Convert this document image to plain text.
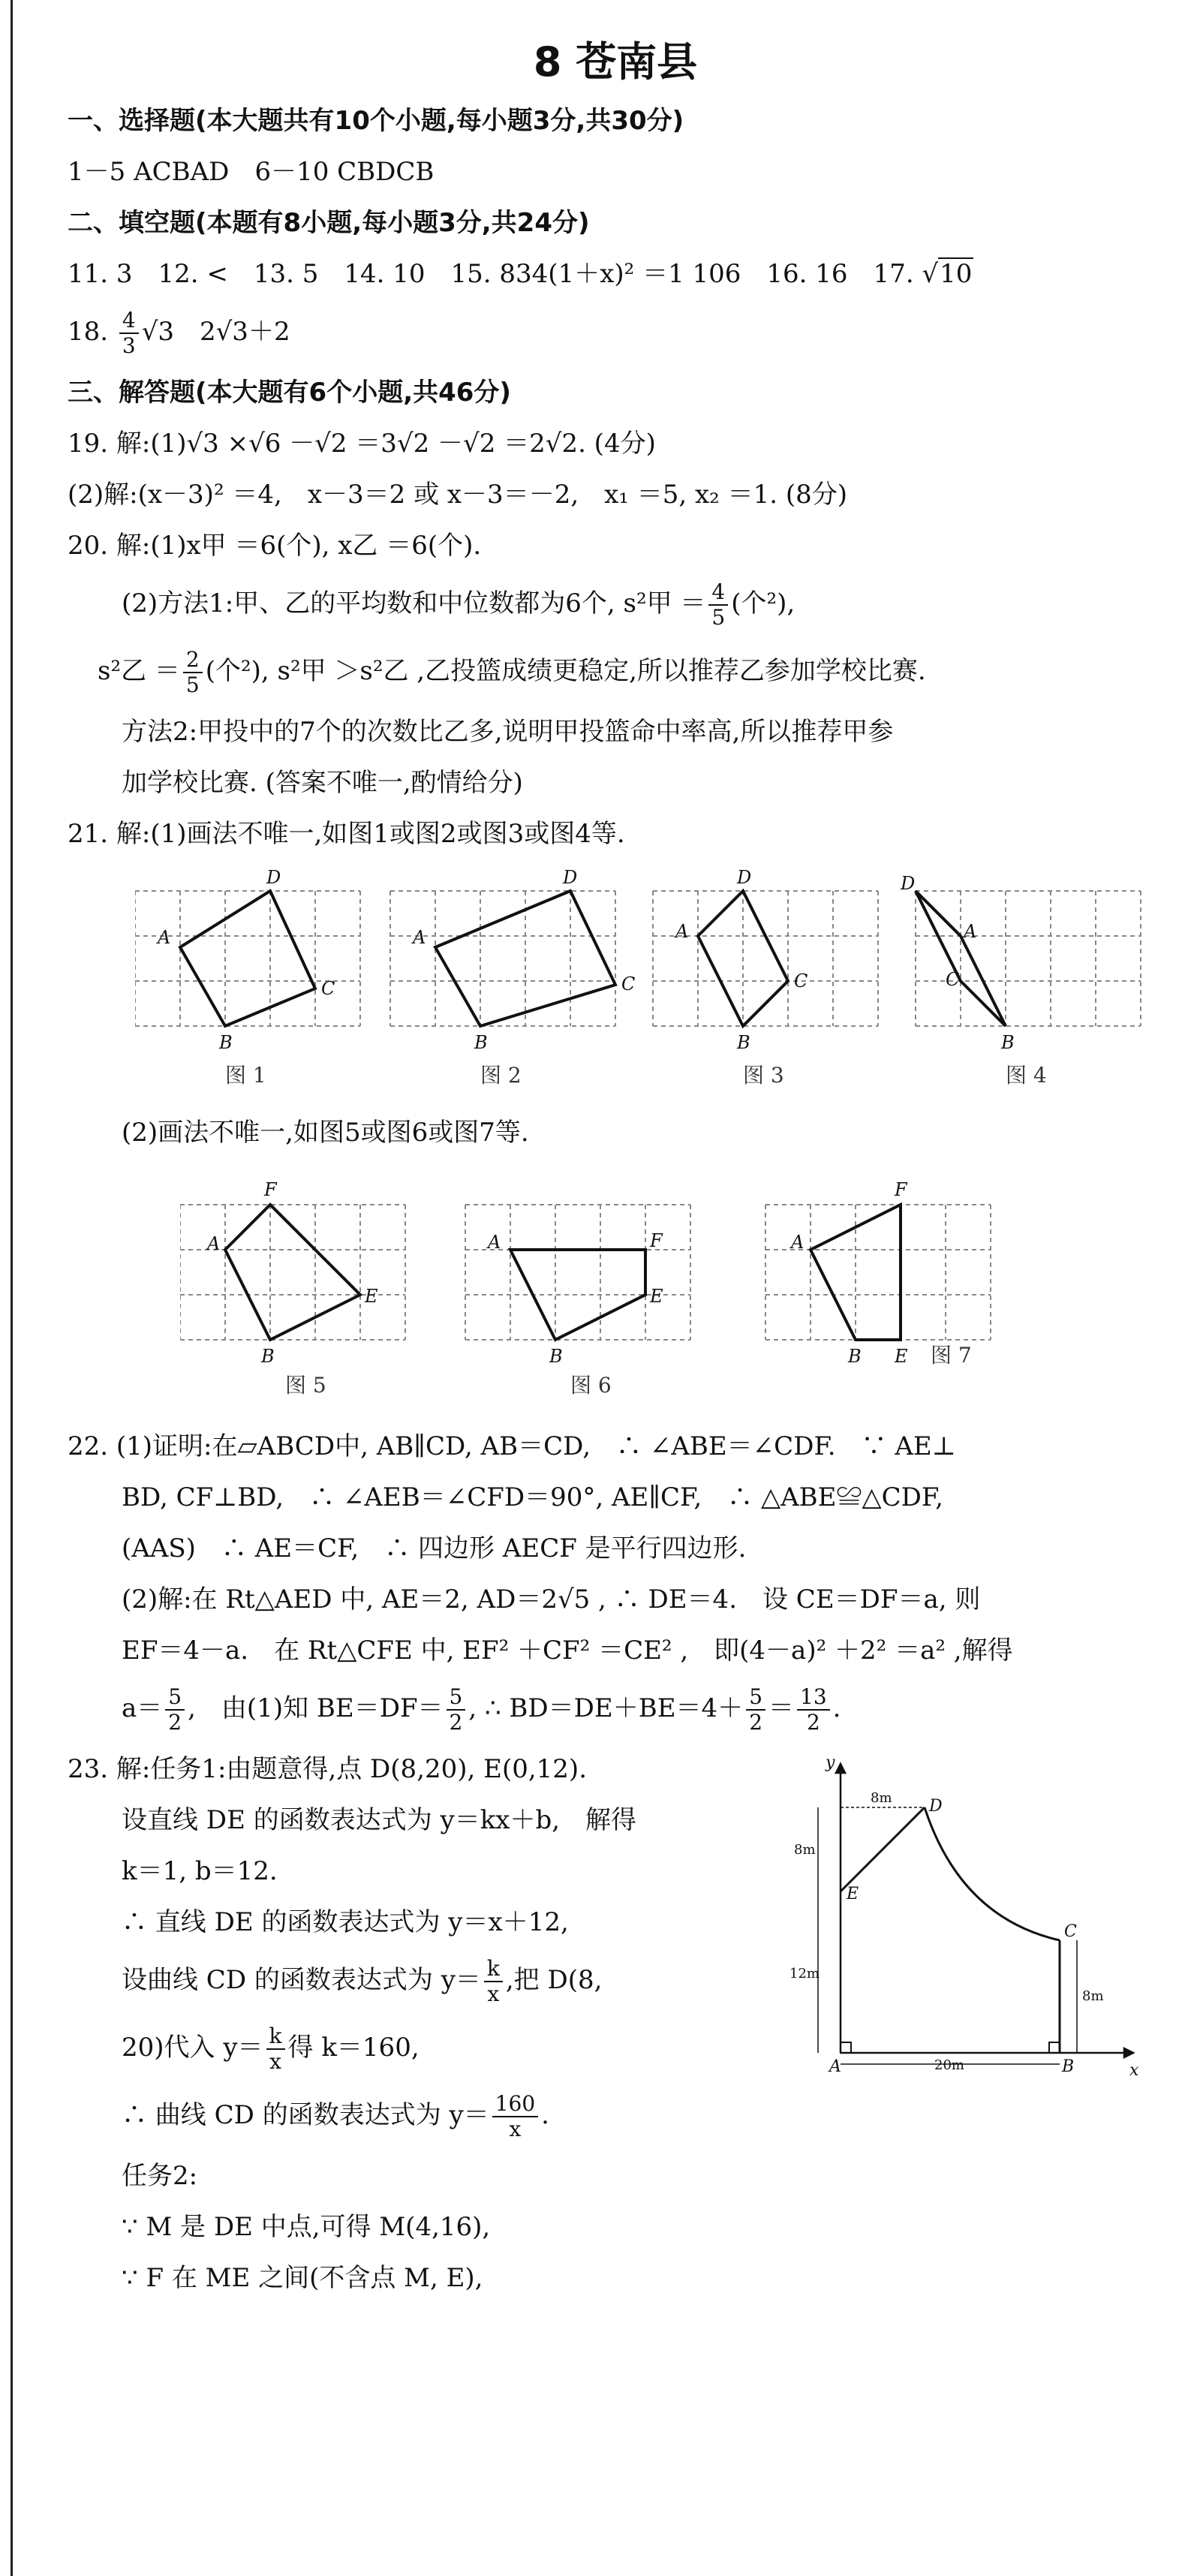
8 苍南县
一、选择题(本大题共有10个小题,每小题3分,共30分)
1－5 ACBAD　6－10 CBDCB
二、填空题(本题有8小题,每小题3分,共24分)
11. 3　12. <　13. 5　14. 10　15. 834(1＋x)² ＝1 106　16. 16　17. √10
18. $\frac{4}{3} √3$　2√3＋2
三、解答题(本大题有6个小题,共46分)
19. 解:(1)√3 ×√6 －√2 ＝3√2 －√2 ＝2√2. (4分)
(2)解:(x－3)² ＝4,　x－3＝2 或 x－3＝－2,　x₁ ＝5, x₂ ＝1. (8分)
20. 解:(1)x甲 ＝6(个), x乙 ＝6(个).
(2)方法1:甲、乙的平均数和中位数都为6个, s²甲 ＝ $\frac{4}{5}$ (个²),
s²乙 ＝ $\frac{2}{5}$ (个²), s²甲 ＞s²乙 ,乙投篮成绩更稳定,所以推荐乙参加学校比赛.
方法2:甲投中的7个的次数比乙多,说明甲投篮命中率高,所以推荐甲参
加学校比赛. (答案不唯一,酌情给分)
21. 解:(1)画法不唯一,如图1或图2或图3或图4等.
A
D
C
B
A
D
C
B
A
D
C
B
D
A
C
B
图 1	图 2	图 3	图 4
(2)画法不唯一,如图5或图6或图7等.
A
F
E
B
A	F
E
B
A
F
E
B
图 5	图 6
图 7
22. (1)证明:在▱ABCD中, AB∥CD, AB＝CD,　∴ ∠ABE＝∠CDF.　∵ AE⊥
BD, CF⊥BD,　∴ ∠AEB＝∠CFD＝90°, AE∥CF,　∴ △ABE≌△CDF,
(AAS)　∴ AE＝CF,　∴ 四边形 AECF 是平行四边形.
(2)解:在 Rt△AED 中, AE＝2, AD＝2√5 , ∴ DE＝4.　设 CE＝DF＝a, 则
EF＝4－a.　在 Rt△CFE 中, EF² ＋CF² ＝CE² ,　即(4－a)² ＋2² ＝a² ,解得
$a= \frac{5}{2}$ ,　由(1)知 $BE=DF= \frac{5}{2}$ , ∴ $BD=DE+BE=4+ \frac{5}{2} = \frac{13}{2}$ .
23. 解:任务1:由题意得,点 D(8,20), E(0,12).
设直线 DE 的函数表达式为 y＝kx＋b,　解得
k＝1, b＝12.
∴ 直线 DE 的函数表达式为 y＝x＋12,
设曲线 CD 的函数表达式为 $y= \frac{k}{x}$ ,把 D(8,
20)代入 $y= \frac{k}{x}$ 得 k＝160,
∴ 曲线 CD 的函数表达式为 $y= \frac{160}{x}$ .
任务2:
∵ M 是 DE 中点,可得 M(4,16),
∵ F 在 ME 之间(不含点 M, E),
y
x
A	B
C
D
E
8m
8m
12m
8m
20m
